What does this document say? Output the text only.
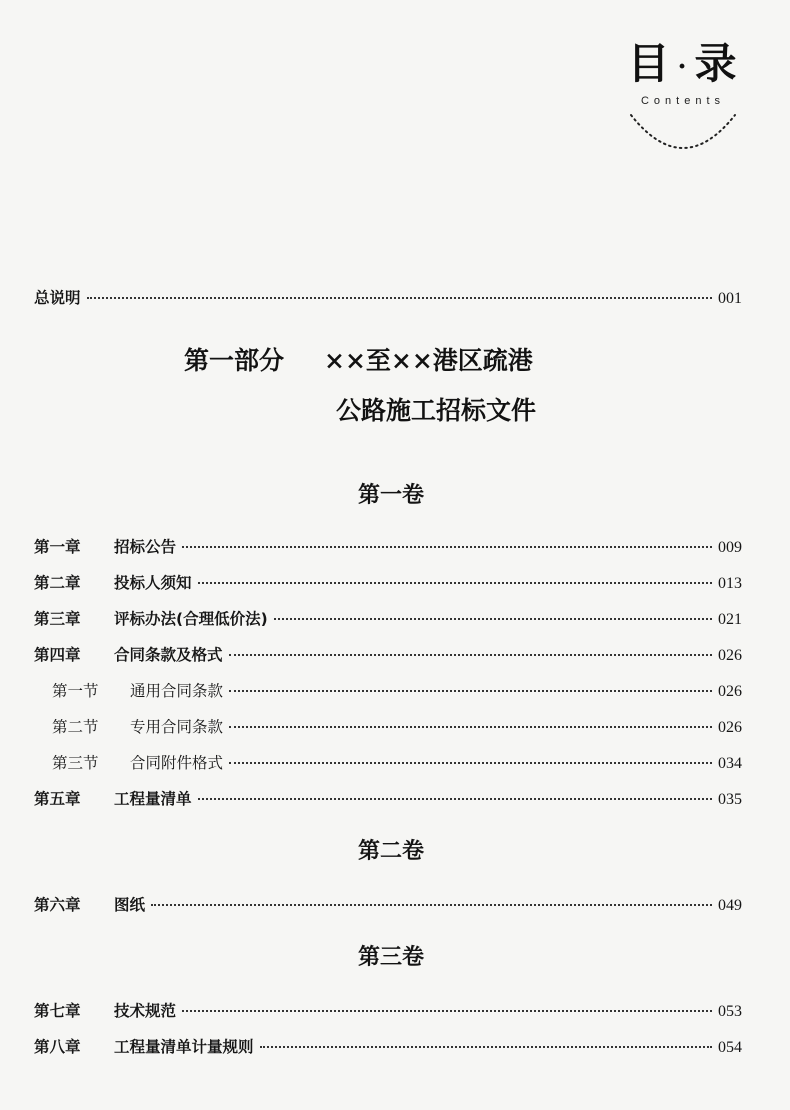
目 · 录
Contents
总说明	001
第一部分 ××至××港区疏港
公路施工招标文件
第一卷
第一章	招标公告	009
第二章	投标人须知	013
第三章	评标办法(合理低价法)	021
第四章	合同条款及格式	026
第一节	通用合同条款	026
第二节	专用合同条款	026
第三节	合同附件格式	034
第五章	工程量清单	035
第二卷
第六章	图纸	049
第三卷
第七章	技术规范	053
第八章	工程量清单计量规则	054
